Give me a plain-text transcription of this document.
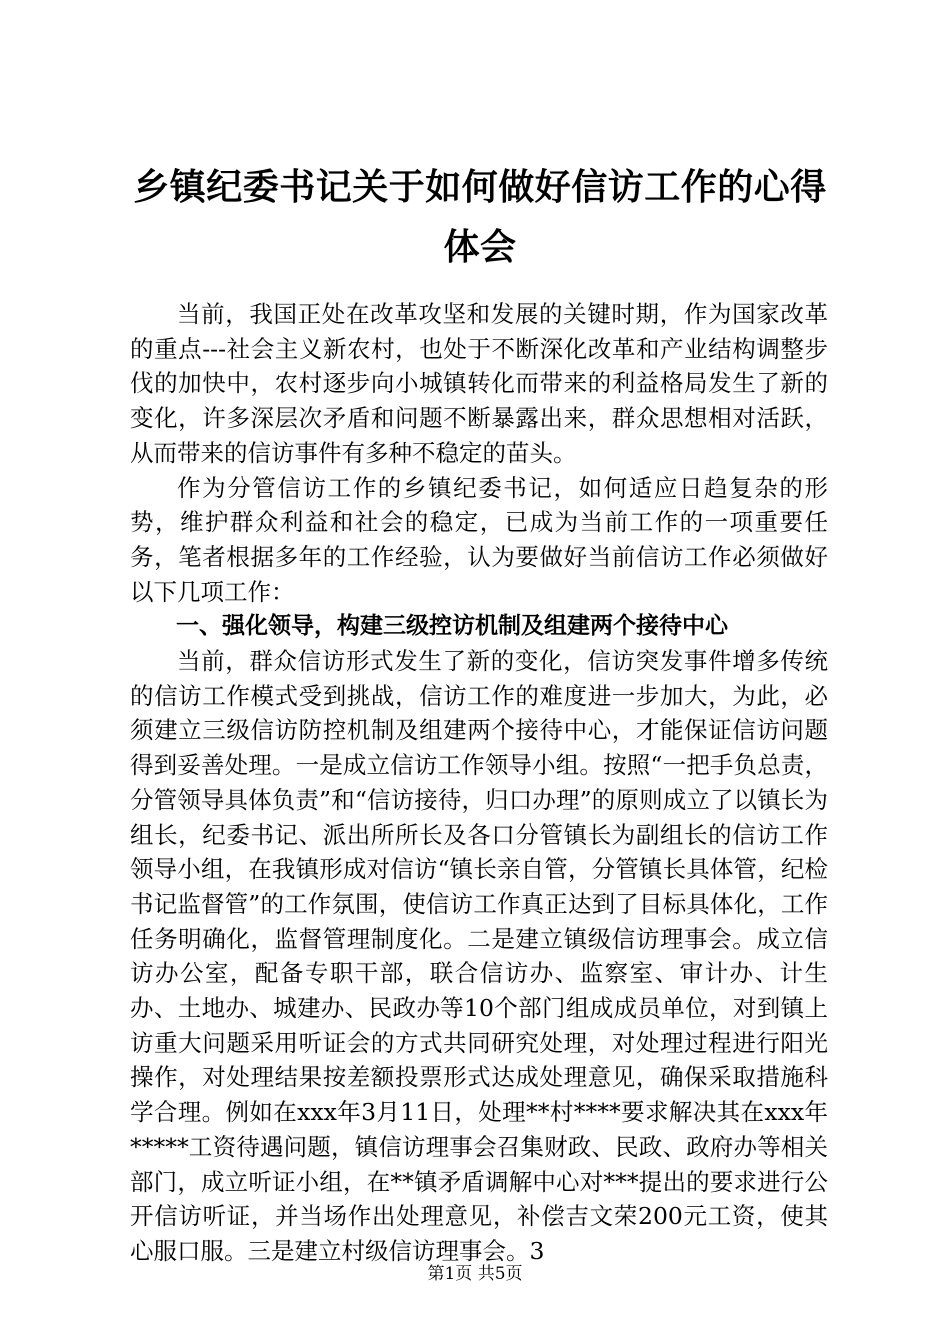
乡镇纪委书记关于如何做好信访工作的心得体会

当前，我国正处在改革攻坚和发展的关键时期，作为国家改革的重点---社会主义新农村，也处于不断深化改革和产业结构调整步伐的加快中，农村逐步向小城镇转化而带来的利益格局发生了新的变化，许多深层次矛盾和问题不断暴露出来，群众思想相对活跃，从而带来的信访事件有多种不稳定的苗头。

作为分管信访工作的乡镇纪委书记，如何适应日趋复杂的形势，维护群众利益和社会的稳定，已成为当前工作的一项重要任务，笔者根据多年的工作经验，认为要做好当前信访工作必须做好以下几项工作：

一、强化领导，构建三级控访机制及组建两个接待中心

当前，群众信访形式发生了新的变化，信访突发事件增多传统的信访工作模式受到挑战，信访工作的难度进一步加大，为此，必须建立三级信访防控机制及组建两个接待中心，才能保证信访问题得到妥善处理。一是成立信访工作领导小组。按照“一把手负总责，分管领导具体负责”和“信访接待，归口办理”的原则成立了以镇长为组长，纪委书记、派出所所长及各口分管镇长为副组长的信访工作领导小组，在我镇形成对信访“镇长亲自管，分管镇长具体管，纪检书记监督管”的工作氛围，使信访工作真正达到了目标具体化，工作任务明确化，监督管理制度化。二是建立镇级信访理事会。成立信访办公室，配备专职干部，联合信访办、监察室、审计办、计生办、土地办、城建办、民政办等10个部门组成成员单位，对到镇上访重大问题采用听证会的方式共同研究处理，对处理过程进行阳光操作，对处理结果按差额投票形式达成处理意见，确保采取措施科学合理。例如在xxx年3月11日，处理**村****要求解决其在xxx年*****工资待遇问题，镇信访理事会召集财政、民政、政府办等相关部门，成立听证小组，在**镇矛盾调解中心对***提出的要求进行公开信访听证，并当场作出处理意见，补偿吉文荣200元工资，使其心服口服。三是建立村级信访理事会。3

第1页 共5页
